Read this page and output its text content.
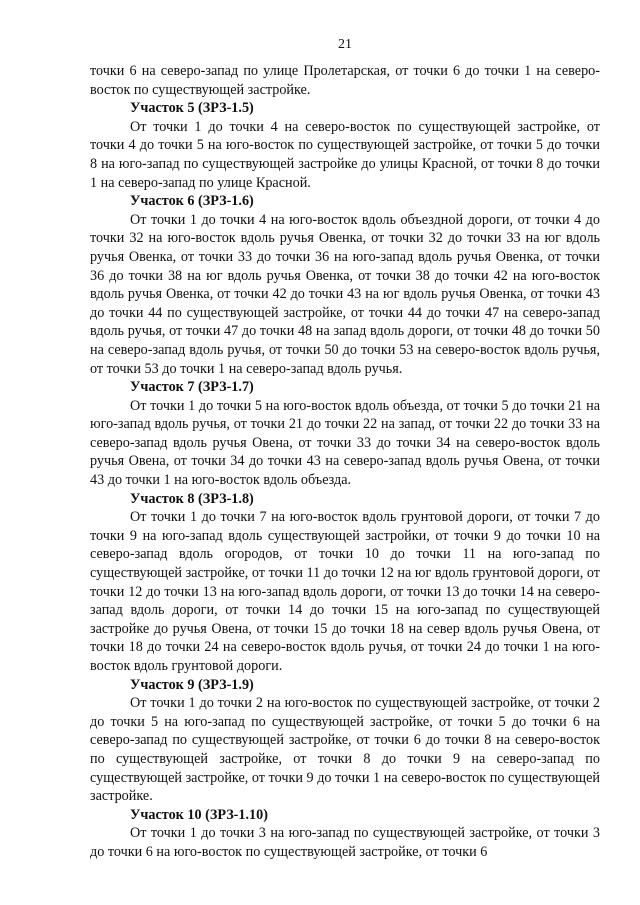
21

точки 6 на северо-запад по улице Пролетарская, от точки 6 до точки 1 на северо-восток по существующей застройке.

Участок 5 (ЗРЗ-1.5)

От точки 1 до точки 4 на северо-восток по существующей застройке, от точки 4 до точки 5 на юго-восток по существующей застройке, от точки 5 до точки 8 на юго-запад по существующей застройке до улицы Красной, от точки 8 до точки 1 на северо-запад по улице Красной.

Участок 6 (ЗРЗ-1.6)

От точки 1 до точки 4 на юго-восток вдоль объездной дороги, от точки 4 до точки 32 на юго-восток вдоль ручья Овенка, от точки 32 до точки 33 на юг вдоль ручья Овенка, от точки 33 до точки 36 на юго-запад вдоль ручья Овенка, от точки 36 до точки 38 на юг вдоль ручья Овенка, от точки 38 до точки 42 на юго-восток вдоль ручья Овенка, от точки 42 до точки 43 на юг вдоль ручья Овенка, от точки 43 до точки 44 по существующей застройке, от точки 44 до точки 47 на северо-запад вдоль ручья, от точки 47 до точки 48 на запад вдоль дороги, от точки 48 до точки 50 на северо-запад вдоль ручья, от точки 50 до точки 53 на северо-восток вдоль ручья, от точки 53 до точки 1 на северо-запад вдоль ручья.

Участок 7 (ЗРЗ-1.7)

От точки 1 до точки 5 на юго-восток вдоль объезда, от точки 5 до точки 21 на юго-запад вдоль ручья, от точки 21 до точки 22 на запад, от точки 22 до точки 33 на северо-запад вдоль ручья Овена, от точки 33 до точки 34 на северо-восток вдоль ручья Овена, от точки 34 до точки 43 на северо-запад вдоль ручья Овена, от точки 43 до точки 1 на юго-восток вдоль объезда.

Участок 8 (ЗРЗ-1.8)

От точки 1 до точки 7 на юго-восток вдоль грунтовой дороги, от точки 7 до точки 9 на юго-запад вдоль существующей застройки, от точки 9 до точки 10 на северо-запад вдоль огородов, от точки 10 до точки 11 на юго-запад по существующей застройке, от точки 11 до точки 12 на юг вдоль грунтовой дороги, от точки 12 до точки 13 на юго-запад вдоль дороги, от точки 13 до точки 14 на северо-запад вдоль дороги, от точки 14 до точки 15 на юго-запад по существующей застройке до ручья Овена, от точки 15 до точки 18 на север вдоль ручья Овена, от точки 18 до точки 24 на северо-восток вдоль ручья, от точки 24 до точки 1 на юго-восток вдоль грунтовой дороги.

Участок 9 (ЗРЗ-1.9)

От точки 1 до точки 2 на юго-восток по существующей застройке, от точки 2 до точки 5 на юго-запад по существующей застройке, от точки 5 до точки 6 на северо-запад по существующей застройке, от точки 6 до точки 8 на северо-восток по существующей застройке, от точки 8 до точки 9 на северо-запад по существующей застройке, от точки 9 до точки 1 на северо-восток по существующей застройке.

Участок 10 (ЗРЗ-1.10)

От точки 1 до точки 3 на юго-запад по существующей застройке, от точки 3 до точки 6 на юго-восток по существующей застройке, от точки 6
